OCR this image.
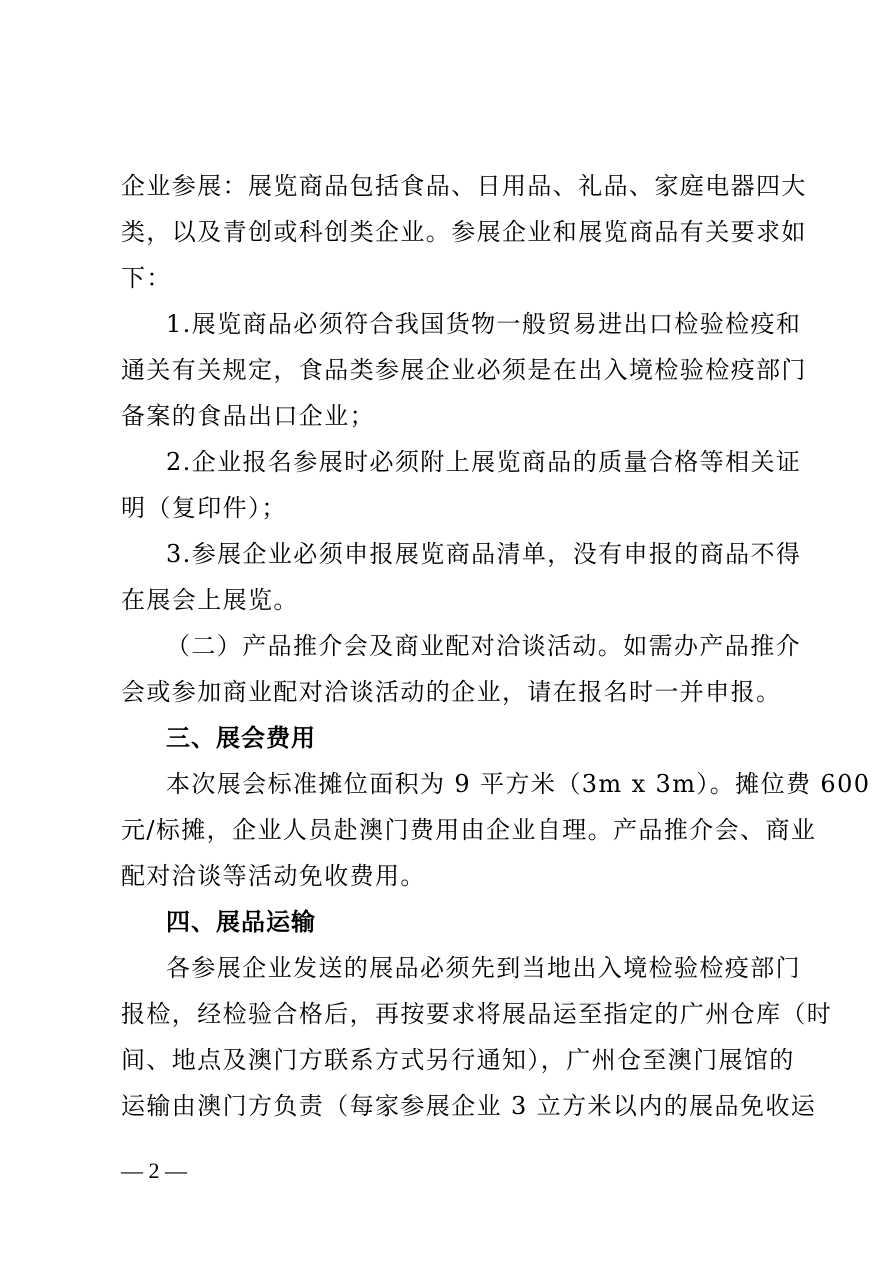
企业参展：展览商品包括食品、日用品、礼品、家庭电器四大
类，以及青创或科创类企业。参展企业和展览商品有关要求如
下：
1.展览商品必须符合我国货物一般贸易进出口检验检疫和
通关有关规定，食品类参展企业必须是在出入境检验检疫部门
备案的食品出口企业；
2.企业报名参展时必须附上展览商品的质量合格等相关证
明（复印件）；
3.参展企业必须申报展览商品清单，没有申报的商品不得
在展会上展览。
（二）产品推介会及商业配对洽谈活动。如需办产品推介
会或参加商业配对洽谈活动的企业，请在报名时一并申报。
三、展会费用
本次展会标准摊位面积为 9 平方米（3m x 3m）。摊位费 600
元/标摊，企业人员赴澳门费用由企业自理。产品推介会、商业
配对洽谈等活动免收费用。
四、展品运输
各参展企业发送的展品必须先到当地出入境检验检疫部门
报检，经检验合格后，再按要求将展品运至指定的广州仓库（时
间、地点及澳门方联系方式另行通知），广州仓至澳门展馆的
运输由澳门方负责（每家参展企业 3 立方米以内的展品免收运
— 2 —
